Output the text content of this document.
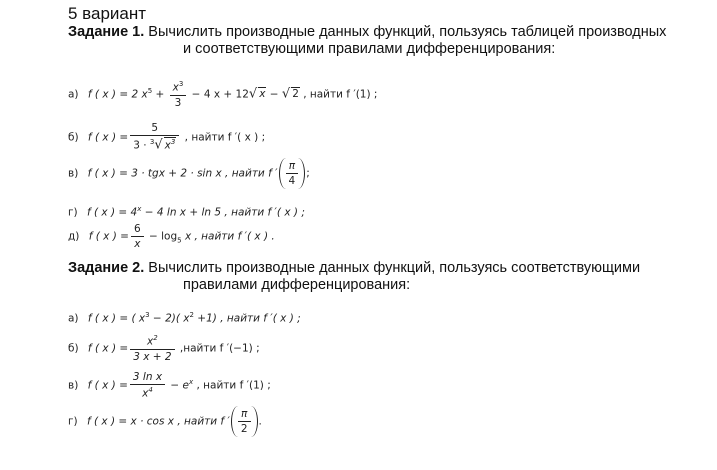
5 вариант
Задание 1. Вычислить производные данных функций, пользуясь таблицей производных
и соответствующими правилами дифференцирования:
а) f ( x ) = 2 $x^5 + \frac{x^3}{3} - 4$ x + 12√ x − √ 2 , найти f ′(1) ;
б) f ( x ) = $\frac{5}{3 \cdot ^3√ x^3}$ , найти f ′( x ) ;
в) f ( x ) = 3 · tgx + 2 · sin x , найти f ′ $\frac{\pi}{4}$ ;
г) f ( x ) = $4^x - 4$ ln x + ln 5 , найти f ′( x ) ;
д) f ( x ) = $\frac{6}{x} - \log_5 x$ , найти f ′( x ) .
Задание 2. Вычислить производные данных функций, пользуясь соответствующими
правилами дифференцирования:
а) f ( x ) = ( $x^3 - 2$)( $x^2 +1$) , найти f ′( x ) ;
б) f ( x ) = $\frac{x^2}{3 x + 2}$ ,найти f ′(−1) ;
в) f ( x ) = $\frac{\text{3 ln x}}{x^4} - e^x$ , найти f ′(1) ;
г) f ( x ) = x · cos x , найти f ′ $\frac{\pi}{2}$ .
